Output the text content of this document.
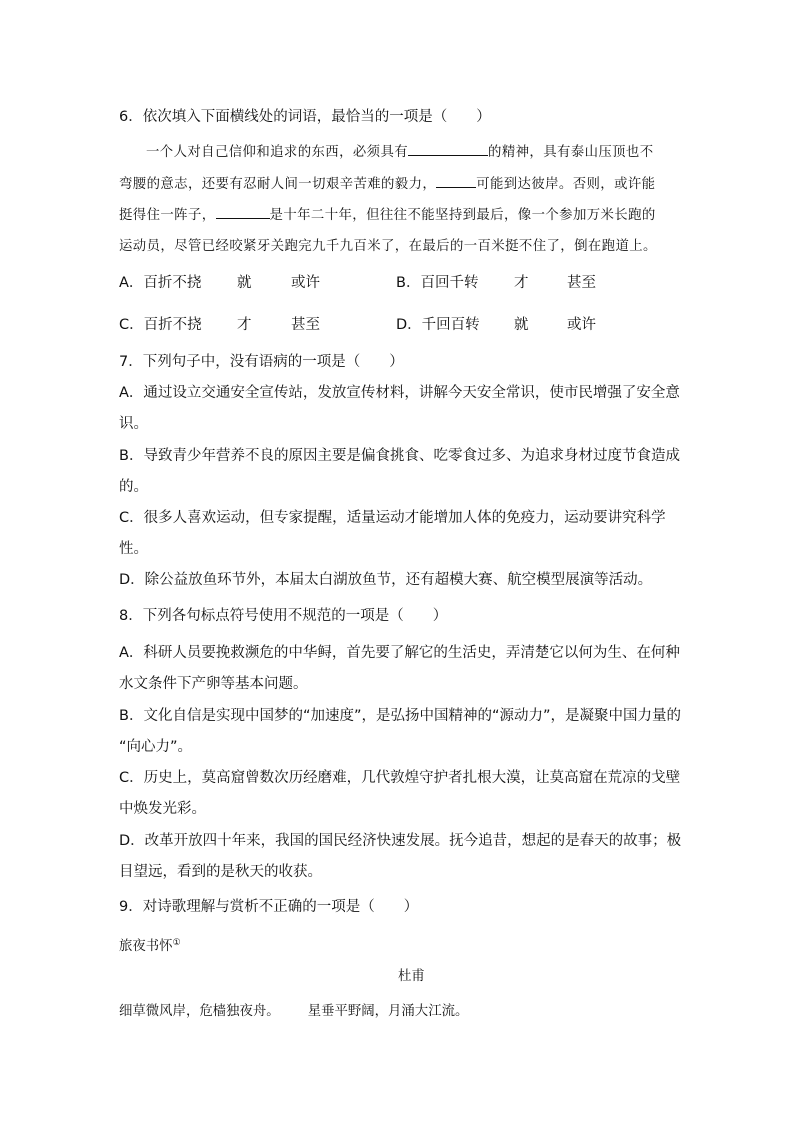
6．依次填入下面横线处的词语，最恰当的一项是（　　）
一个人对自己信仰和追求的东西，必须具有	的精神，具有泰山压顶也不
弯腰的意志，还要有忍耐人间一切艰辛苦难的毅力，	可能到达彼岸。否则，或许能
挺得住一阵子，	是十年二十年，但往往不能坚持到最后，像一个参加万米长跑的
运动员，尽管已经咬紧牙关跑完九千九百米了，在最后的一百米挺不住了，倒在跑道上。
A．百折不挠 就	或许	B．百回千转 才	甚至
C．百折不挠 才	甚至	D．千回百转 就	或许
7．下列句子中，没有语病的一项是（　　）
A．通过设立交通安全宣传站，发放宣传材料，讲解今天安全常识，使市民增强了安全意
识。
B．导致青少年营养不良的原因主要是偏食挑食、吃零食过多、为追求身材过度节食造成
的。
C．很多人喜欢运动，但专家提醒，适量运动才能增加人体的免疫力，运动要讲究科学
性。
D．除公益放鱼环节外，本届太白湖放鱼节，还有超模大赛、航空模型展演等活动。
8．下列各句标点符号使用不规范的一项是（　　）
A．科研人员要挽救濒危的中华鲟，首先要了解它的生活史，弄清楚它以何为生、在何种
水文条件下产卵等基本问题。
B．文化自信是实现中国梦的“加速度”，是弘扬中国精神的“源动力”，是凝聚中国力量的
“向心力”。
C．历史上，莫高窟曾数次历经磨难，几代敦煌守护者扎根大漠，让莫高窟在荒凉的戈壁
中焕发光彩。
D．改革开放四十年来，我国的国民经济快速发展。抚今追昔，想起的是春天的故事；极
目望远，看到的是秋天的收获。
9．对诗歌理解与赏析不正确的一项是（　　）
旅夜书怀①
杜甫
细草微风岸，危樯独夜舟。 星垂平野阔，月涌大江流。
